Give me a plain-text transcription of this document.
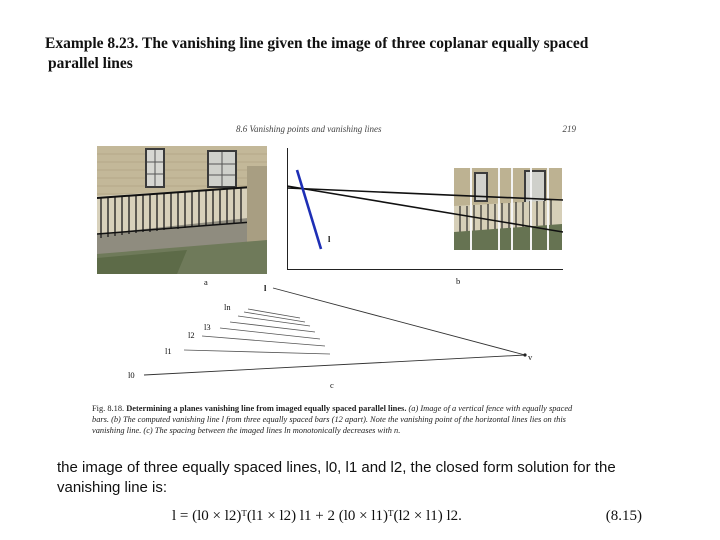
Example 8.23. The vanishing line given the image of three coplanar equally spaced
parallel lines
8.6 Vanishing points and vanishing lines	219
a
l
b
l
ln
l3
l2
l1
l0
v
c
Fig. 8.18. Determining a planes vanishing line from imaged equally spaced parallel lines. (a) Image of a vertical fence with equally spaced bars. (b) The computed vanishing line l from three equally spaced bars (12 apart). Note the vanishing point of the horizontal lines lies on this vanishing line. (c) The spacing between the imaged lines ln monotonically decreases with n.
the image of three equally spaced lines, l0, l1 and l2, the closed form solution for the vanishing line is:
l = (l0 × l2)ᵀ(l1 × l2) l1 + 2 (l0 × l1)ᵀ(l2 × l1) l2.	(8.15)
